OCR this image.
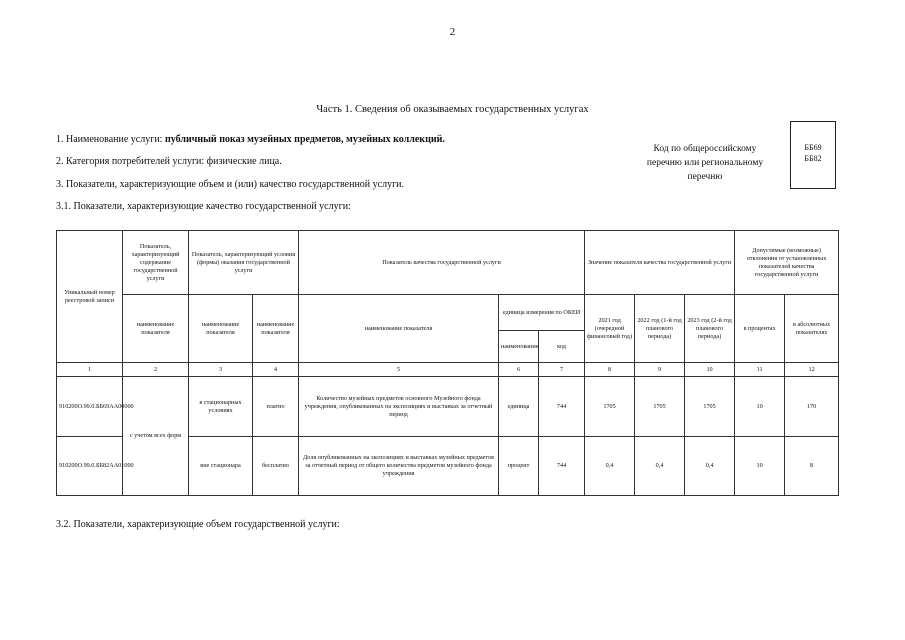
2
Часть 1. Сведения об оказываемых государственных услугах
1. Наименование услуги: публичный показ музейных предметов, музейных коллекций.
2. Категория потребителей услуги: физические лица.
3. Показатели, характеризующие объем и (или) качество государственной услуги.
3.1. Показатели, характеризующие качество государственной услуги:
Код по общероссийскому
перечню или региональному
перечню
ББ69
ББ82
Уникальный номер реестровой записи	Показатель, характеризующий содержание государственной услуги	Показатель, характеризующий условия (формы) оказания государственной услуги		Показатель качества государственной услуги			Значение показателя качества государственной услуги			Допустимые (возможные) отклонения от установленных показателей качества государственной услуги	
	наименование показателя	наименование показателя	наименование показателя	наименование показателя	единица измерения по ОКЕИ		2021 год (очередной финансовый год)	2022 год (1-й год планового периода)	2023 год (2-й год планового периода)	в процентах	в абсолютных показателях
					наименование	код					
1	2	3	4	5	6	7	8	9	10	11	12
910200О.99.0.ББ69АА00000	с учетом всех форм	в стационарных условиях	платно	Количество музейных предметов основного Музейного фонда учреждения, опубликованных на экспозициях и выставках за отчетный период	единица	744	1705	1705	1705	10	170
910200О.99.0.ББ82АА01000		вне стационара	бесплатно	Доля опубликованных на экспозициях и выставках музейных предметов за отчетный период от общего количества предметов музейного фонда учреждения	процент	744	0,4	0,4	0,4	10	8
3.2. Показатели, характеризующие объем государственной услуги:
